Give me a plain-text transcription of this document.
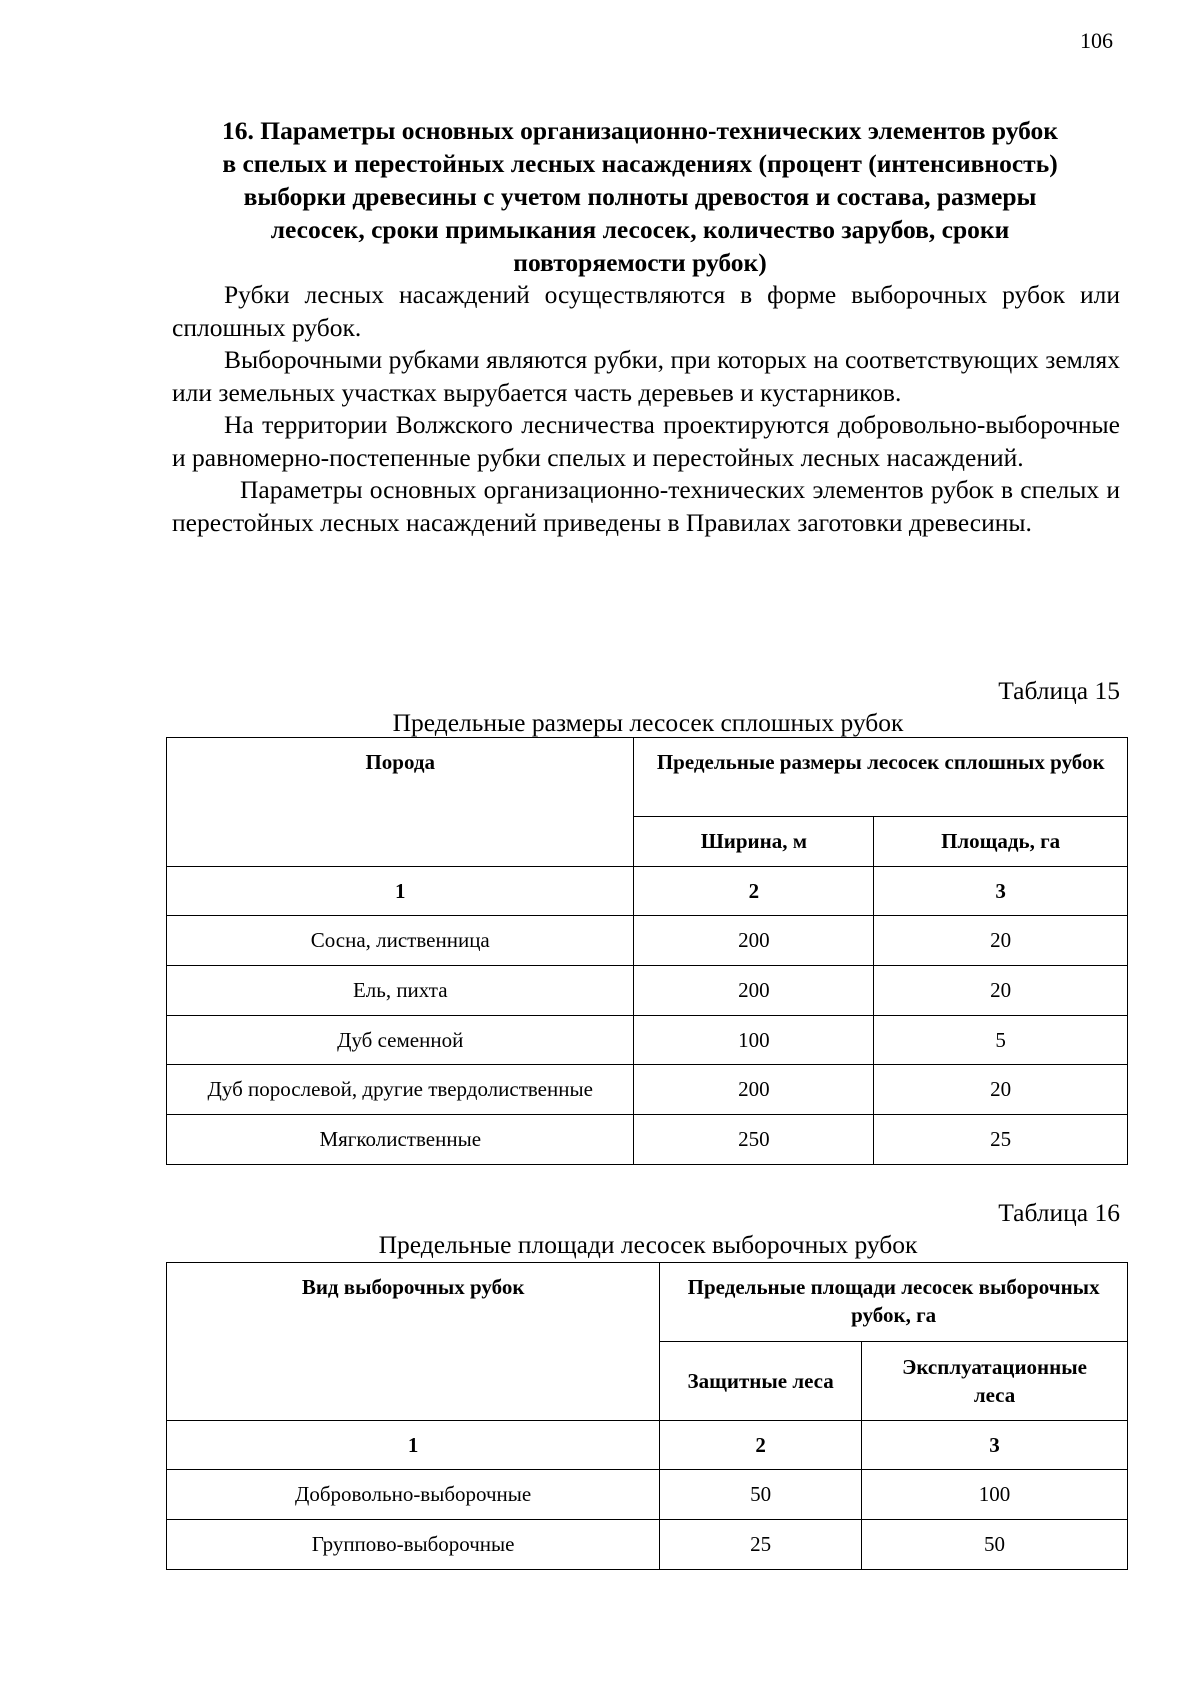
106
16. Параметры основных организационно-технических элементов рубок
в спелых и перестойных лесных насаждениях (процент (интенсивность)
выборки древесины с учетом полноты древостоя и состава, размеры
лесосек, сроки примыкания лесосек, количество зарубов, сроки
повторяемости рубок)

Рубки лесных насаждений осуществляются в форме выборочных рубок или сплошных рубок.

Выборочными рубками являются рубки, при которых на соответствующих землях или земельных участках вырубается часть деревьев и кустарников.

На территории Волжского лесничества проектируются добровольно-выборочные и равномерно-постепенные рубки спелых и перестойных лесных насаждений.

Параметры основных организационно-технических элементов рубок в спелых и перестойных лесных насаждений приведены в Правилах заготовки древесины.

Таблица 15
Предельные размеры лесосек сплошных рубок
Порода	Предельные размеры лесосек сплошных рубок	
	Ширина, м	Площадь, га
1	2	3
Сосна, лиственница	200	20
Ель, пихта	200	20
Дуб семенной	100	5
Дуб порослевой, другие твердолиственные	200	20
Мягколиственные	250	25
Таблица 16
Предельные площади лесосек выборочных рубок
Вид выборочных рубок	Предельные площади лесосек выборочных рубок, га	
	Защитные леса	Эксплуатационные леса
1	2	3
Добровольно-выборочные	50	100
Группово-выборочные	25	50
